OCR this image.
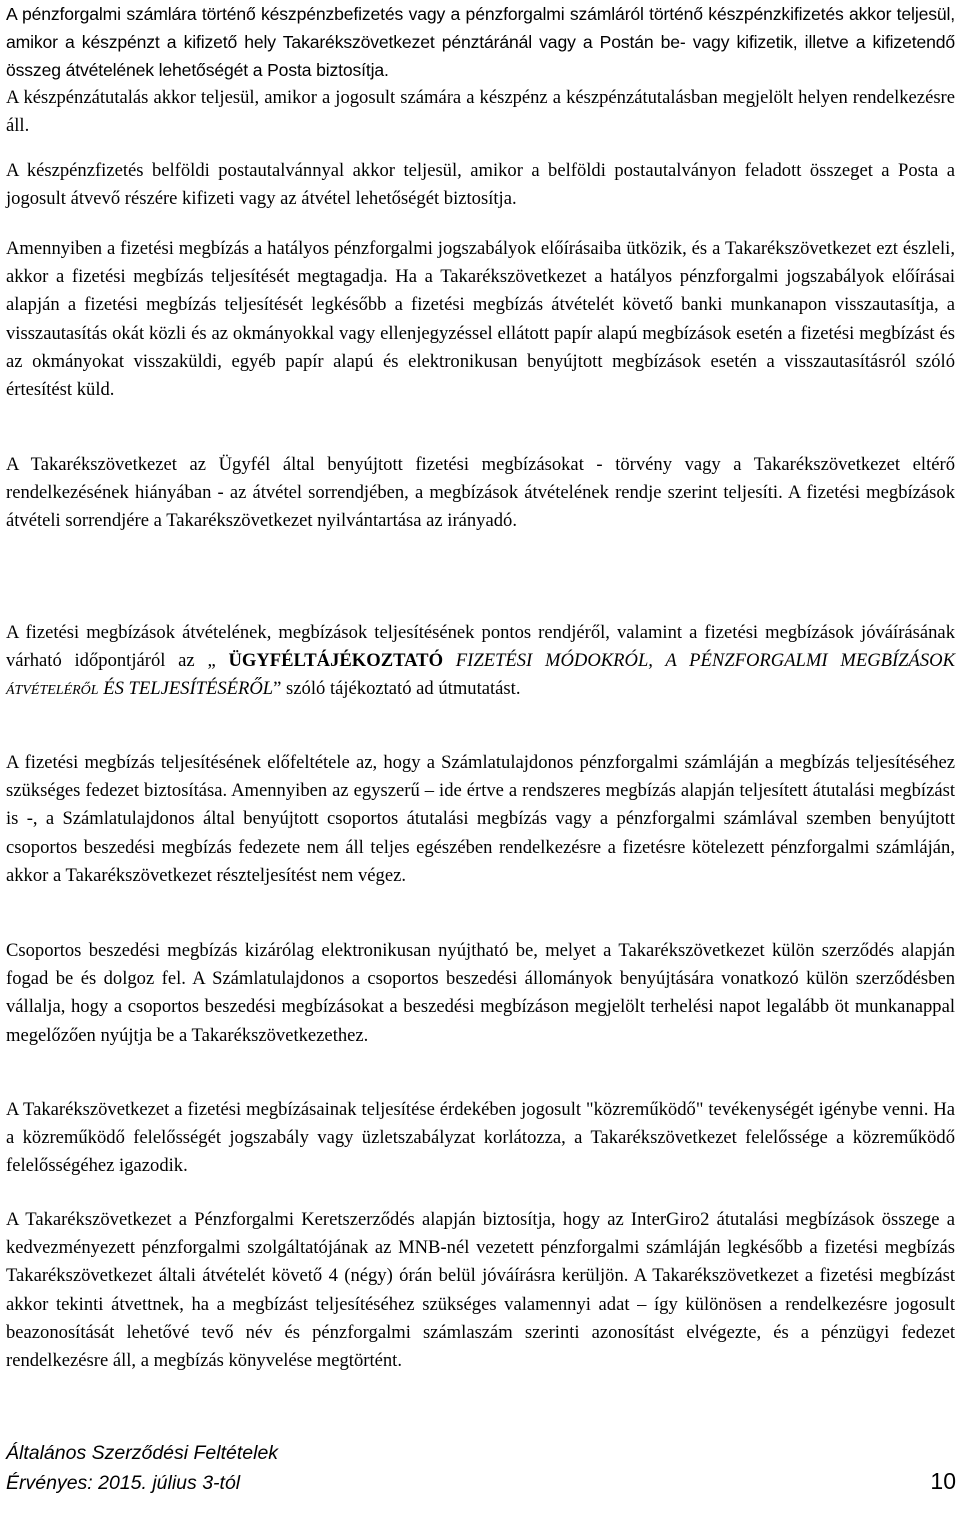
A pénzforgalmi számlára történő készpénzbefizetés vagy a pénzforgalmi számláról történő készpénzkifizetés akkor teljesül, amikor a készpénzt a kifizető hely Takarékszövetkezet pénztáránál vagy a Postán be- vagy kifizetik, illetve a kifizetendő összeg átvételének lehetőségét a Posta biztosítja.

A készpénzátutalás akkor teljesül, amikor a jogosult számára a készpénz a készpénzátutalásban megjelölt helyen rendelkezésre áll.

A készpénzfizetés belföldi postautalvánnyal akkor teljesül, amikor a belföldi postautalványon feladott összeget a Posta a jogosult átvevő részére kifizeti vagy az átvétel lehetőségét biztosítja.

Amennyiben a fizetési megbízás a hatályos pénzforgalmi jogszabályok előírásaiba ütközik, és a Takarékszövetkezet ezt észleli, akkor a fizetési megbízás teljesítését megtagadja. Ha a Takarékszövetkezet a hatályos pénzforgalmi jogszabályok előírásai alapján a fizetési megbízás teljesítését legkésőbb a fizetési megbízás átvételét követő banki munkanapon visszautasítja, a visszautasítás okát közli és az okmányokkal vagy ellenjegyzéssel ellátott papír alapú megbízások esetén a fizetési megbízást és az okmányokat visszaküldi, egyéb papír alapú és elektronikusan benyújtott megbízások esetén a visszautasításról szóló értesítést küld.

A Takarékszövetkezet az Ügyfél által benyújtott fizetési megbízásokat - törvény vagy a Takarékszövetkezet eltérő rendelkezésének hiányában - az átvétel sorrendjében, a megbízások átvételének rendje szerint teljesíti. A fizetési megbízások átvételi sorrendjére a Takarékszövetkezet nyilvántartása az irányadó.

A fizetési megbízások átvételének, megbízások teljesítésének pontos rendjéről, valamint a fizetési megbízások jóváírásának várható időpontjáról az „ ÜGYFÉLTÁJÉKOZTATÓ FIZETÉSI MÓDOKRÓL, A PÉNZFORGALMI MEGBÍZÁSOK ÁTVÉTELÉRŐL ÉS TELJESÍTÉSÉRŐL” szóló tájékoztató ad útmutatást.

A fizetési megbízás teljesítésének előfeltétele az, hogy a Számlatulajdonos pénzforgalmi számláján a megbízás teljesítéséhez szükséges fedezet biztosítása. Amennyiben az egyszerű – ide értve a rendszeres megbízás alapján teljesített átutalási megbízást is -, a Számlatulajdonos által benyújtott csoportos átutalási megbízás vagy a pénzforgalmi számlával szemben benyújtott csoportos beszedési megbízás fedezete nem áll teljes egészében rendelkezésre a fizetésre kötelezett pénzforgalmi számláján, akkor a Takarékszövetkezet részteljesítést nem végez.

Csoportos beszedési megbízás kizárólag elektronikusan nyújtható be, melyet a Takarékszövetkezet külön szerződés alapján fogad be és dolgoz fel. A Számlatulajdonos a csoportos beszedési állományok benyújtására vonatkozó külön szerződésben vállalja, hogy a csoportos beszedési megbízásokat a beszedési megbízáson megjelölt terhelési napot legalább öt munkanappal megelőzően nyújtja be a Takarékszövetkezethez.

A Takarékszövetkezet a fizetési megbízásainak teljesítése érdekében jogosult "közreműködő" tevékenységét igénybe venni. Ha a közreműködő felelősségét jogszabály vagy üzletszabályzat korlátozza, a Takarékszövetkezet felelőssége a közreműködő felelősségéhez igazodik.

A Takarékszövetkezet a Pénzforgalmi Keretszerződés alapján biztosítja, hogy az InterGiro2 átutalási megbízások összege a kedvezményezett pénzforgalmi szolgáltatójának az MNB-nél vezetett pénzforgalmi számláján legkésőbb a fizetési megbízás Takarékszövetkezet általi átvételét követő 4 (négy) órán belül jóváírásra kerüljön. A Takarékszövetkezet a fizetési megbízást akkor tekinti átvettnek, ha a megbízást teljesítéséhez szükséges valamennyi adat – így különösen a rendelkezésre jogosult beazonosítását lehetővé tevő név és pénzforgalmi számlaszám szerinti azonosítást elvégezte, és a pénzügyi fedezet rendelkezésre áll, a megbízás könyvelése megtörtént.

Általános Szerződési Feltételek
Érvényes: 2015. július 3-tól	10
